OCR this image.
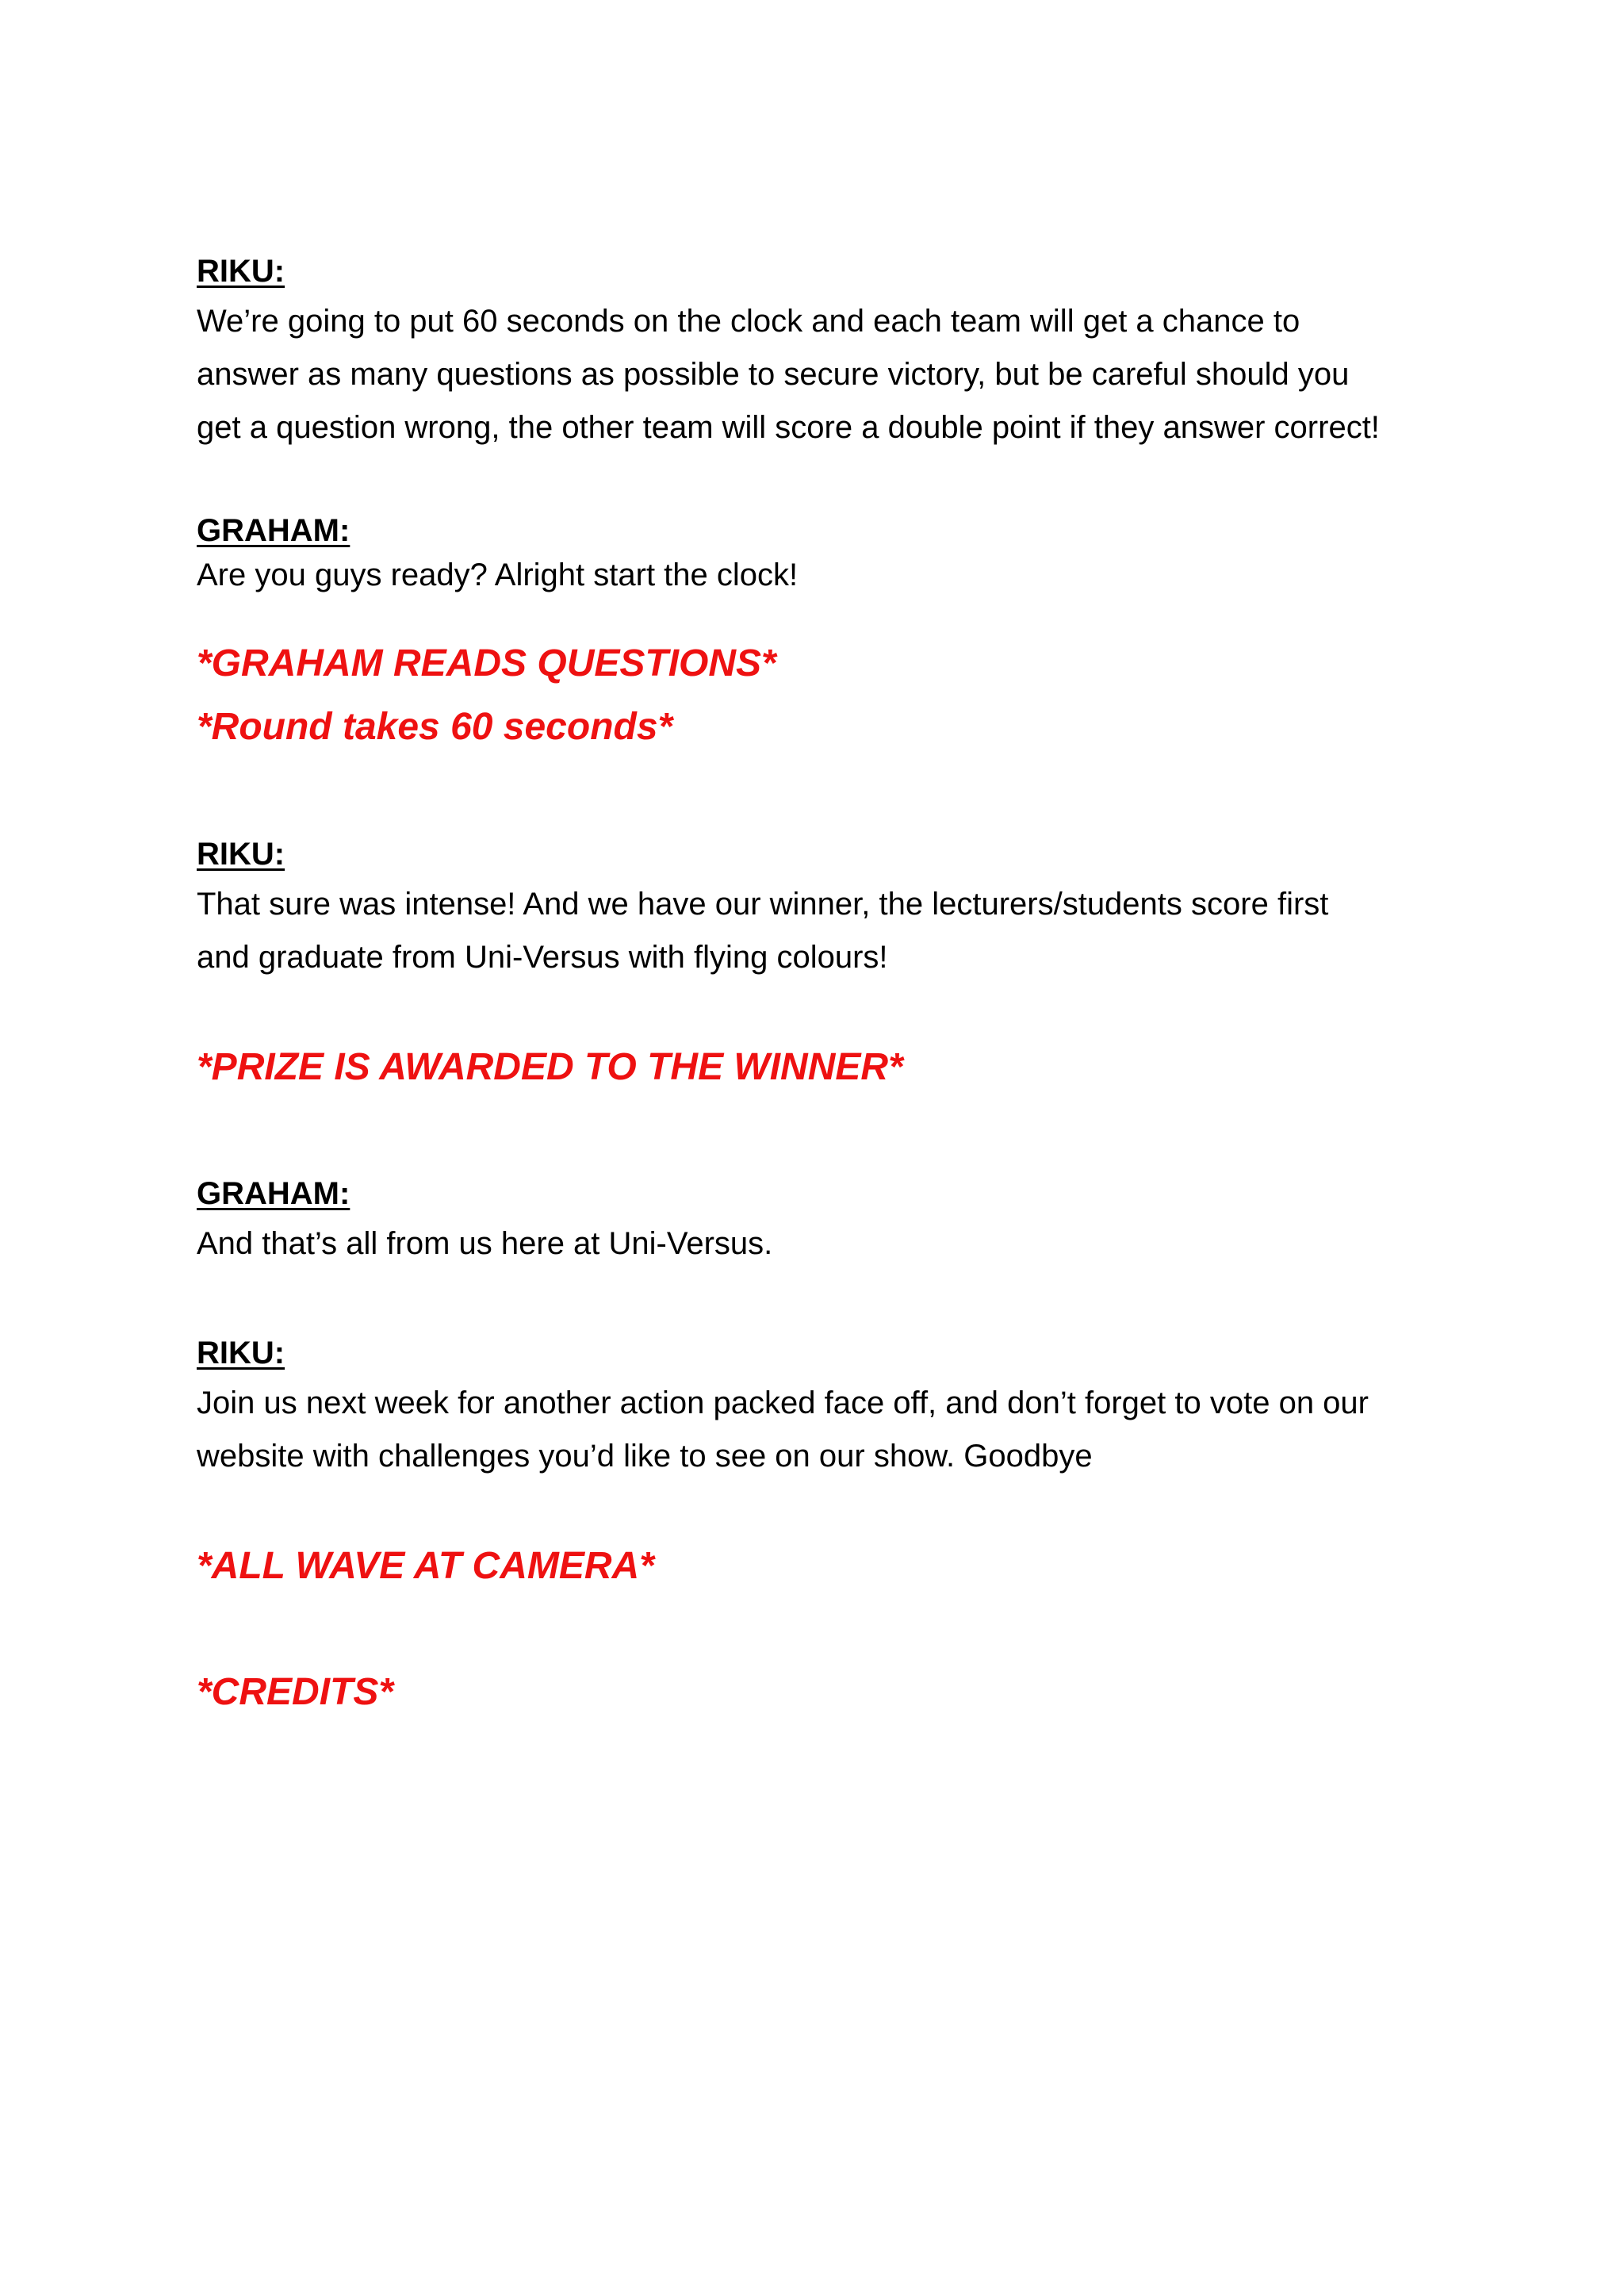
RIKU:
We’re going to put 60 seconds on the clock and each team will get a chance to
answer as many questions as possible to secure victory, but be careful should you
get a question wrong, the other team will score a double point if they answer correct!
GRAHAM:
Are you guys ready? Alright start the clock!
*GRAHAM READS QUESTIONS*
*Round takes 60 seconds*
RIKU:
That sure was intense! And we have our winner, the lecturers/students score first
and graduate from Uni-Versus with flying colours!
*PRIZE IS AWARDED TO THE WINNER*
GRAHAM:
And that’s all from us here at Uni-Versus.
RIKU:
Join us next week for another action packed face off, and don’t forget to vote on our
website with challenges you’d like to see on our show. Goodbye
*ALL WAVE AT CAMERA*
*CREDITS*
